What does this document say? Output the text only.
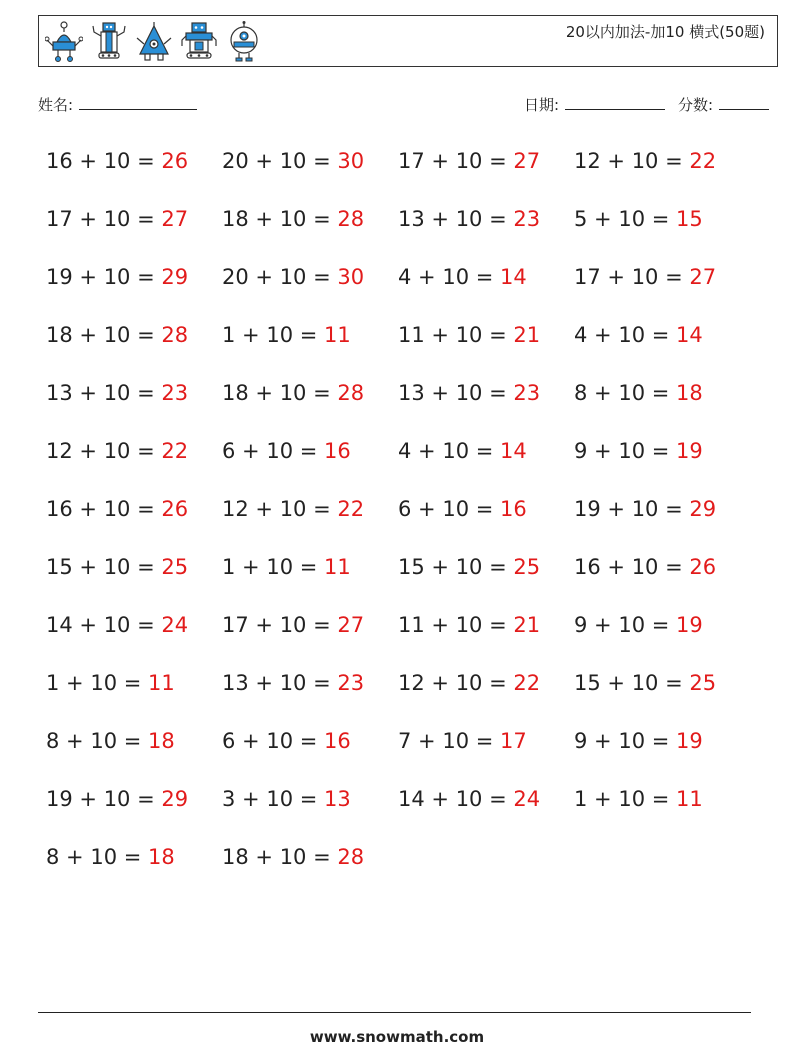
20以内加法-加10 横式(50题)
姓名:	日期:	分数:
16 + 10 = 26	20 + 10 = 30	17 + 10 = 27	12 + 10 = 22
17 + 10 = 27	18 + 10 = 28	13 + 10 = 23	5 + 10 = 15
19 + 10 = 29	20 + 10 = 30	4 + 10 = 14	17 + 10 = 27
18 + 10 = 28	1 + 10 = 11	11 + 10 = 21	4 + 10 = 14
13 + 10 = 23	18 + 10 = 28	13 + 10 = 23	8 + 10 = 18
12 + 10 = 22	6 + 10 = 16	4 + 10 = 14	9 + 10 = 19
16 + 10 = 26	12 + 10 = 22	6 + 10 = 16	19 + 10 = 29
15 + 10 = 25	1 + 10 = 11	15 + 10 = 25	16 + 10 = 26
14 + 10 = 24	17 + 10 = 27	11 + 10 = 21	9 + 10 = 19
1 + 10 = 11	13 + 10 = 23	12 + 10 = 22	15 + 10 = 25
8 + 10 = 18	6 + 10 = 16	7 + 10 = 17	9 + 10 = 19
19 + 10 = 29	3 + 10 = 13	14 + 10 = 24	1 + 10 = 11
8 + 10 = 18	18 + 10 = 28
www.snowmath.com
